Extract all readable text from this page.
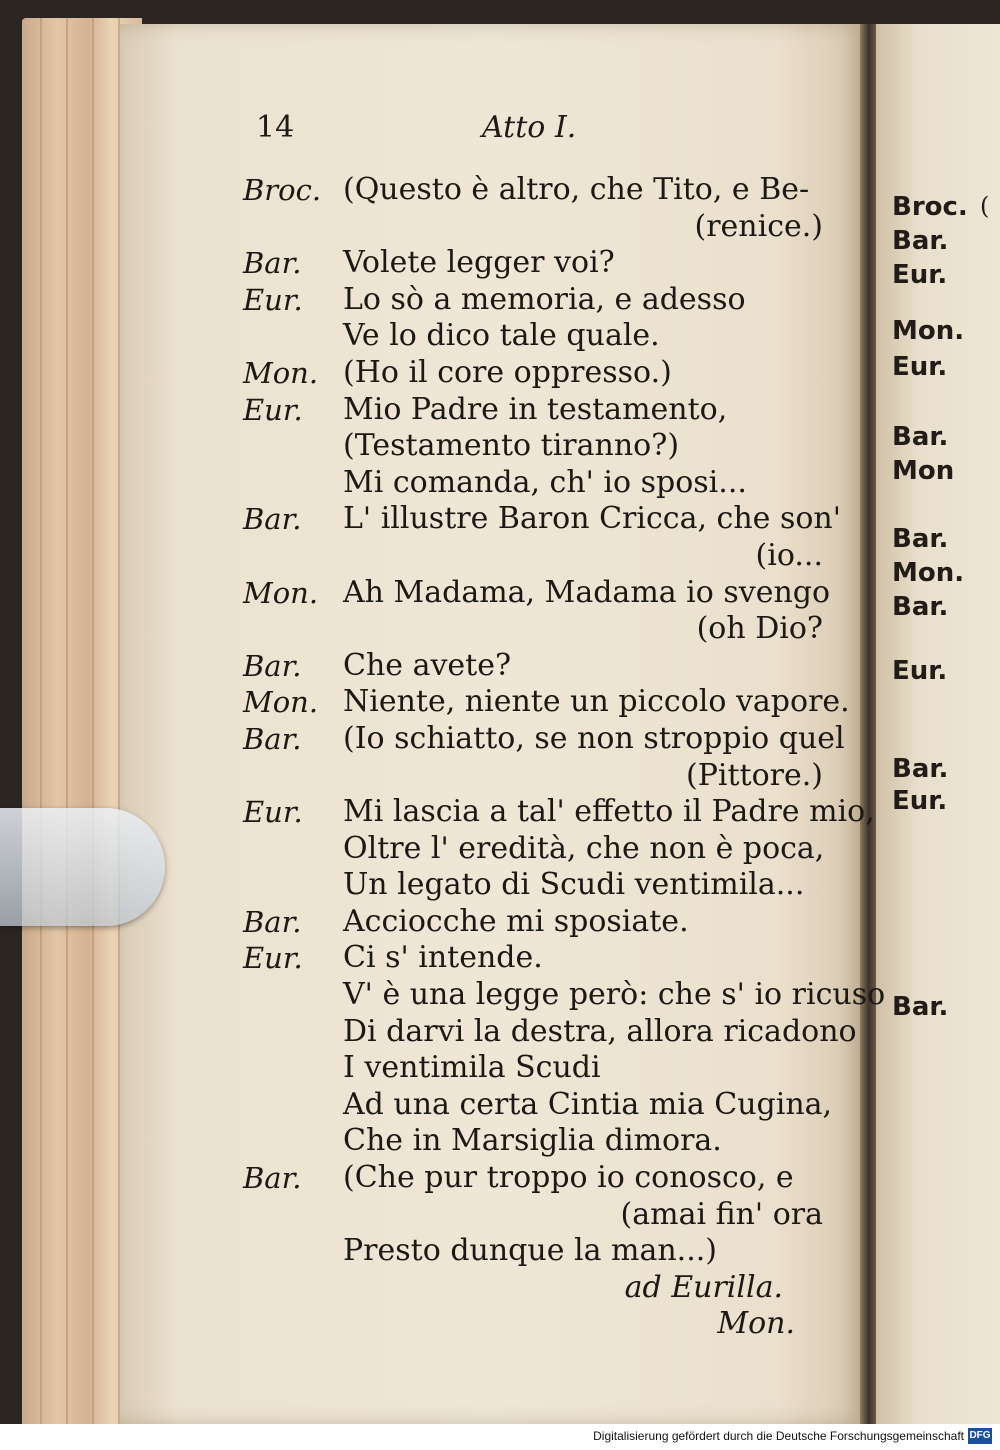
Broc. (
Bar.
Eur.
Mon.
Eur.
Bar.
Mon
Bar.
Mon.
Bar.
Eur.
Bar.
Eur.
Bar.
14	Atto I.
Broc. (Questo è altro, che Tito, e Be-
(renice.)
Bar. Volete legger voi?
Eur. Lo sò a memoria, e adesso
Ve lo dico tale quale.
Mon. (Ho il core oppresso.)
Eur. Mio Padre in testamento,
(Testamento tiranno?)
Mi comanda, ch' io sposi...
Bar. L' illustre Baron Cricca, che son'
(io...
Mon. Ah Madama, Madama io svengo
(oh Dio?
Bar. Che avete?
Mon. Niente, niente un piccolo vapore.
Bar. (Io schiatto, se non stroppio quel
(Pittore.)
Eur. Mi lascia a tal' effetto il Padre mio,
Oltre l' eredità, che non è poca,
Un legato di Scudi ventimila...
Bar. Acciocche mi sposiate.
Eur. Ci s' intende.
V' è una legge però: che s' io ricuso
Di darvi la destra, allora ricadono
I ventimila Scudi
Ad una certa Cintia mia Cugina,
Che in Marsiglia dimora.
Bar. (Che pur troppo io conosco, e
(amai fin' ora
Presto dunque la man...)
ad Eurilla.
Mon.
Digitalisierung gefördert durch die Deutsche Forschungsgemeinschaft DFG
